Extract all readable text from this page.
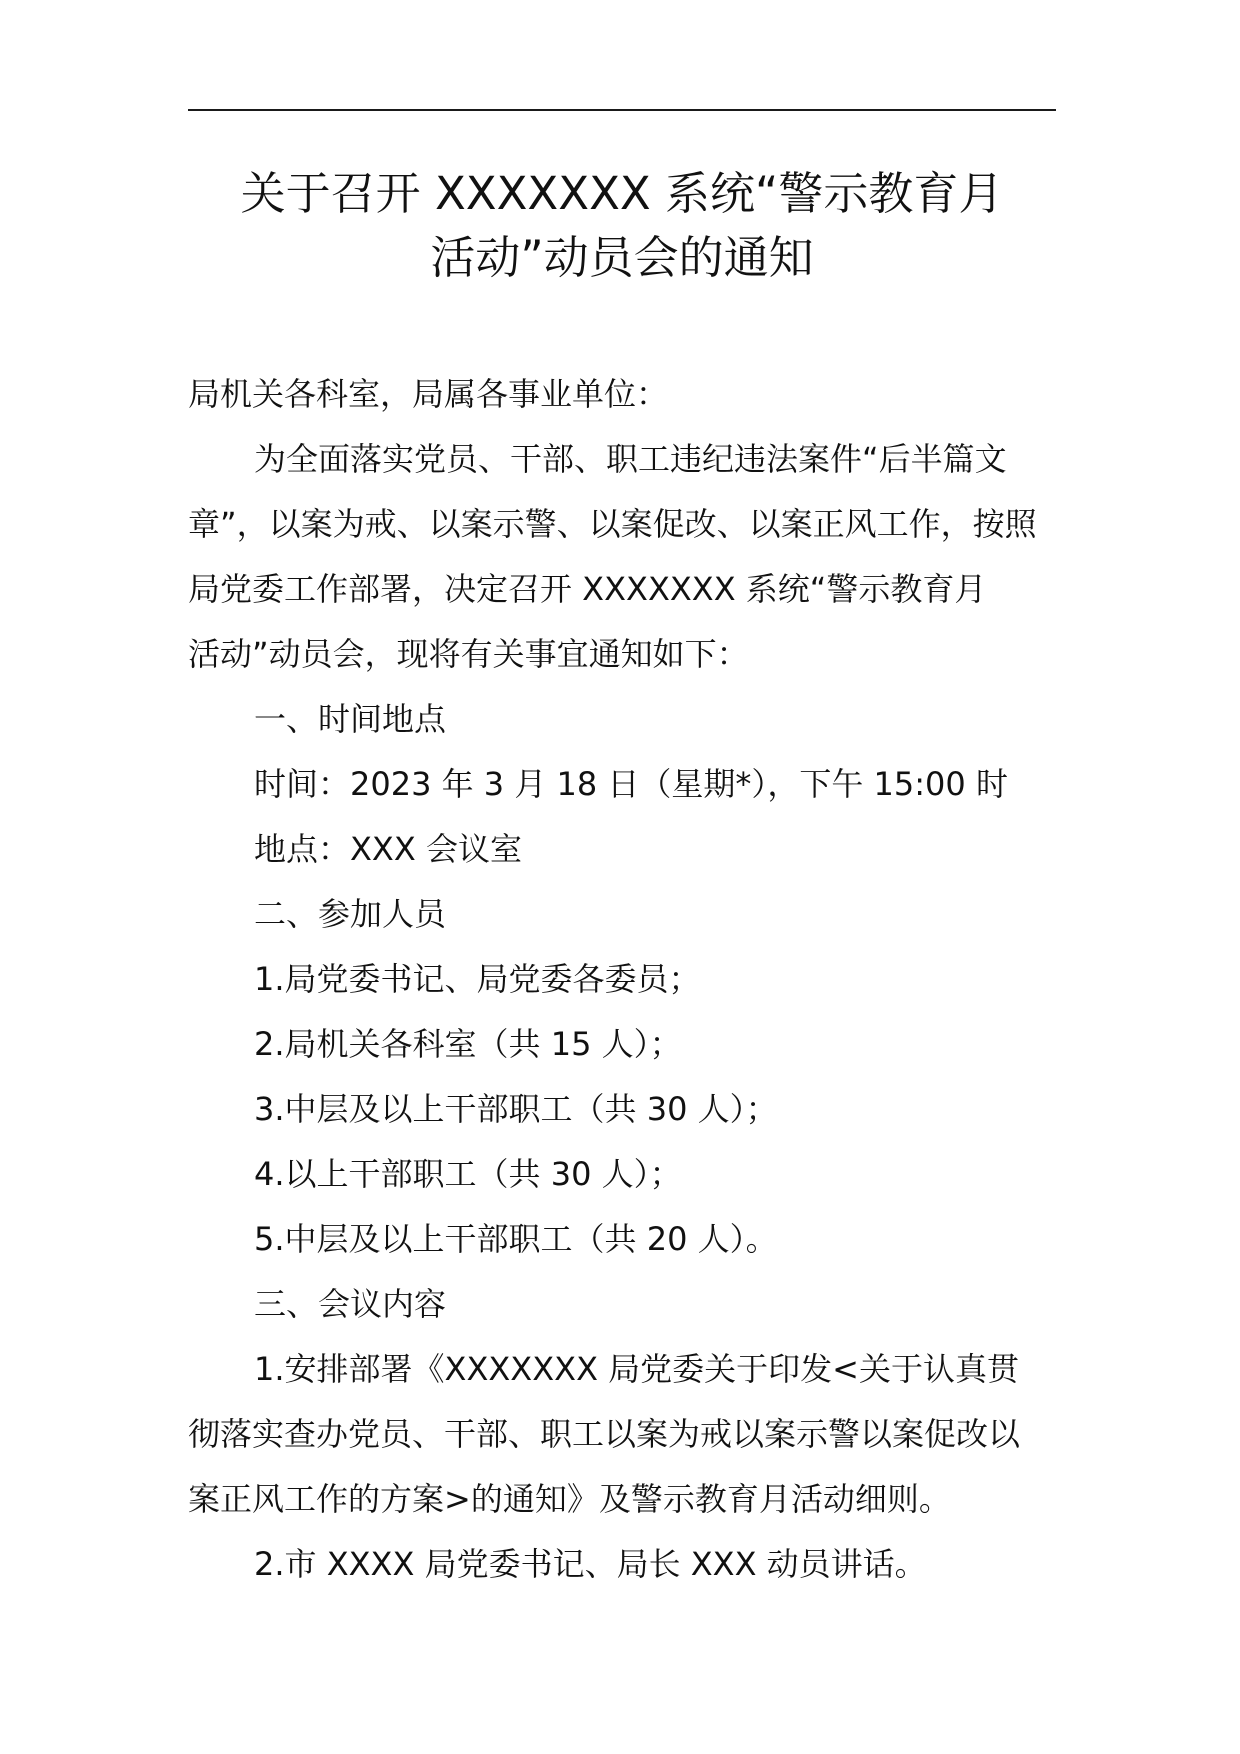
关于召开 XXXXXXX 系统“警示教育月
活动”动员会的通知

局机关各科室，局属各事业单位：

为全面落实党员、干部、职工违纪违法案件“后半篇文

章”，以案为戒、以案示警、以案促改、以案正风工作，按照

局党委工作部署，决定召开 XXXXXXX 系统“警示教育月

活动”动员会，现将有关事宜通知如下：

一、时间地点

时间：2023 年 3 月 18 日（星期*），下午 15:00 时

地点：XXX 会议室

二、参加人员

1.局党委书记、局党委各委员；

2.局机关各科室（共 15 人）；

3.中层及以上干部职工（共 30 人）；

4.以上干部职工（共 30 人）；

5.中层及以上干部职工（共 20 人）。

三、会议内容

1.安排部署《XXXXXXX 局党委关于印发<关于认真贯

彻落实查办党员、干部、职工以案为戒以案示警以案促改以

案正风工作的方案>的通知》及警示教育月活动细则。

2.市 XXXX 局党委书记、局长 XXX 动员讲话。
